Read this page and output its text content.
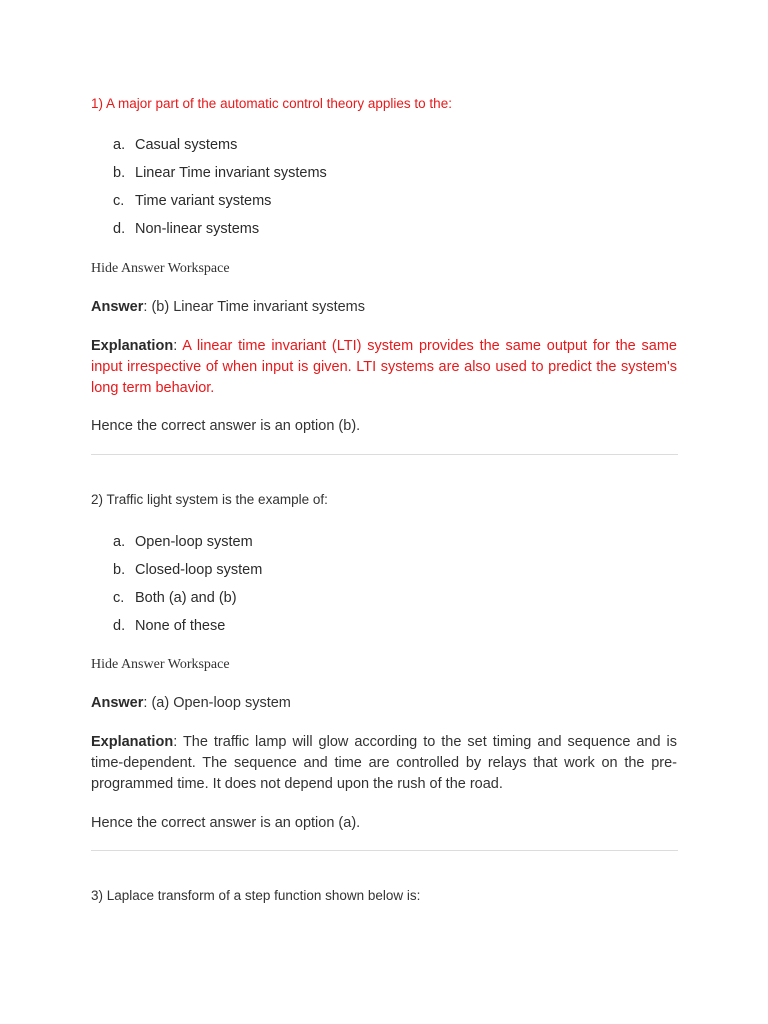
1) A major part of the automatic control theory applies to the:
a. Casual systems
b. Linear Time invariant systems
c. Time variant systems
d. Non-linear systems
Hide Answer Workspace
Answer: (b) Linear Time invariant systems
Explanation: A linear time invariant (LTI) system provides the same output for the same input irrespective of when input is given. LTI systems are also used to predict the system's long term behavior.
Hence the correct answer is an option (b).
2) Traffic light system is the example of:
a. Open-loop system
b. Closed-loop system
c. Both (a) and (b)
d. None of these
Hide Answer Workspace
Answer: (a) Open-loop system
Explanation: The traffic lamp will glow according to the set timing and sequence and is time-dependent. The sequence and time are controlled by relays that work on the pre-programmed time. It does not depend upon the rush of the road.
Hence the correct answer is an option (a).
3) Laplace transform of a step function shown below is:
